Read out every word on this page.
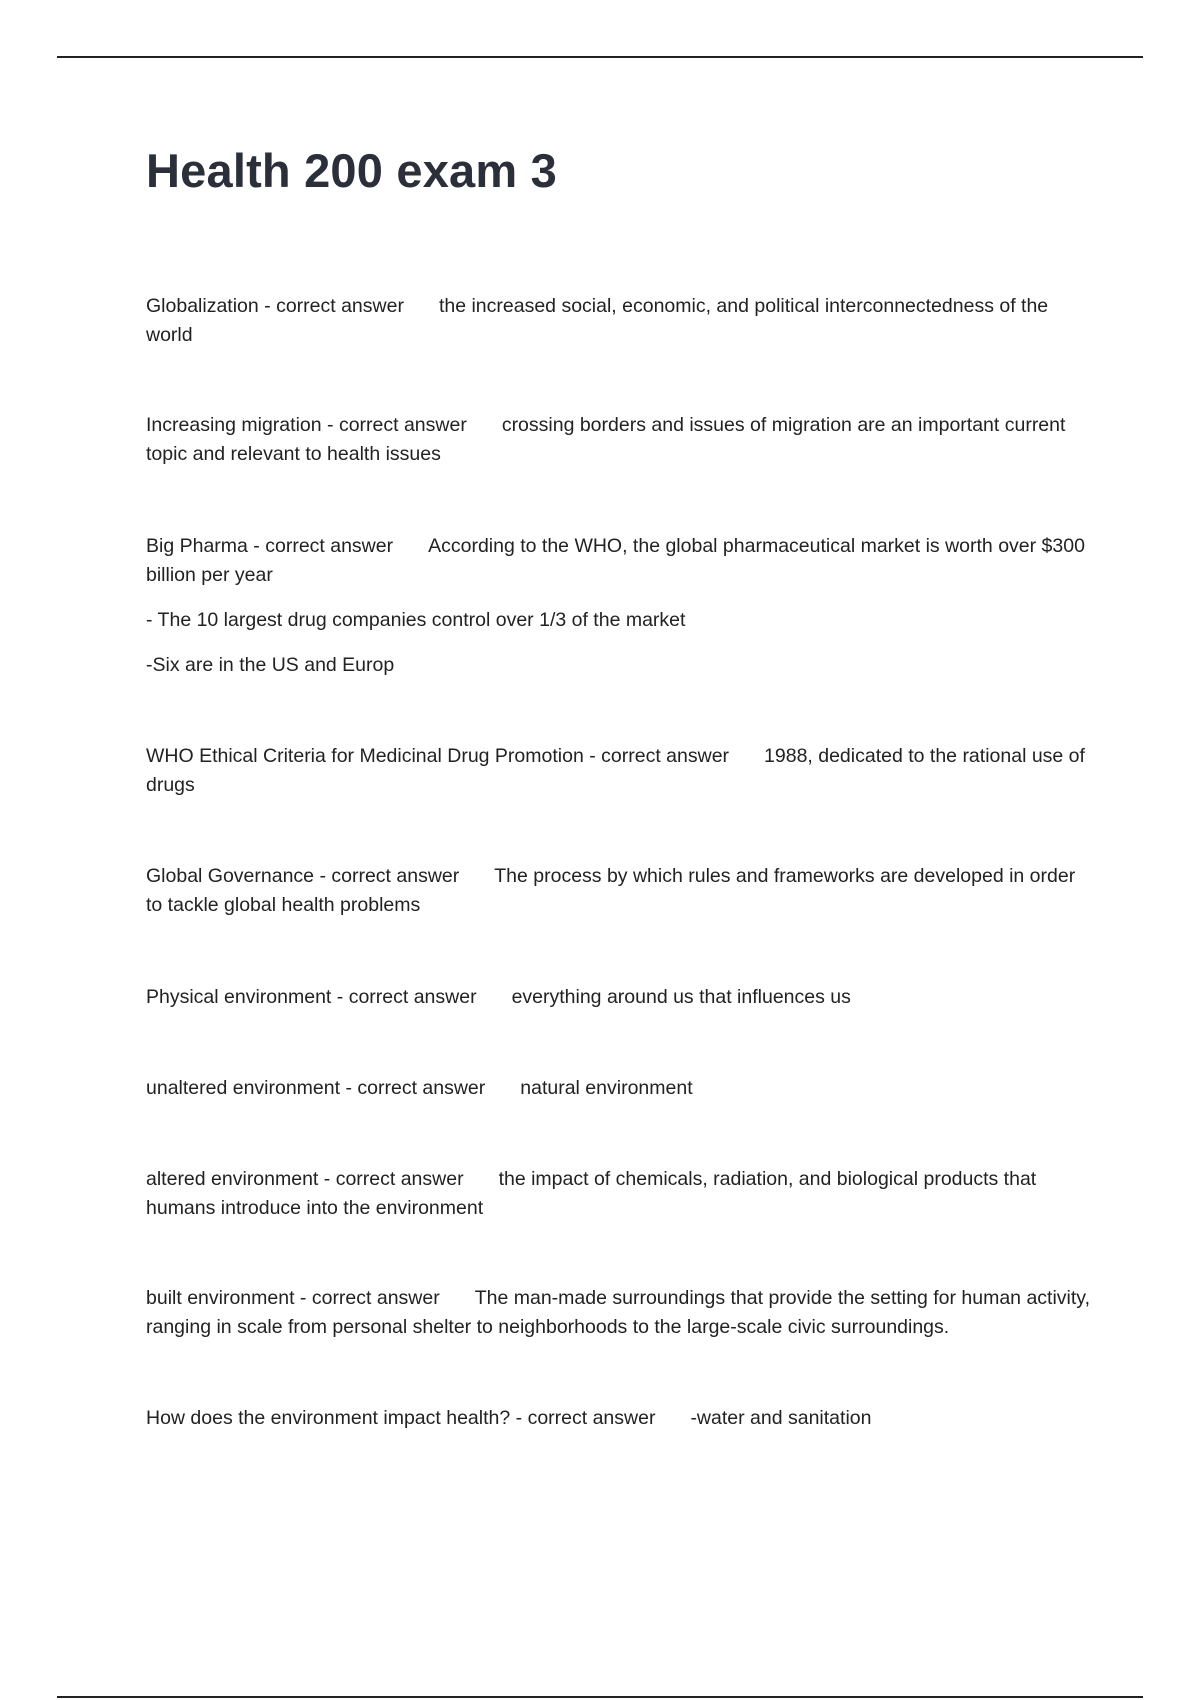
Health 200 exam 3

Globalization - correct answer the increased social, economic, and political interconnectedness of the world

Increasing migration - correct answer crossing borders and issues of migration are an important current topic and relevant to health issues

Big Pharma - correct answer According to the WHO, the global pharmaceutical market is worth over $300 billion per year

- The 10 largest drug companies control over 1/3 of the market

-Six are in the US and Europ

WHO Ethical Criteria for Medicinal Drug Promotion - correct answer 1988, dedicated to the rational use of drugs

Global Governance - correct answer The process by which rules and frameworks are developed in order to tackle global health problems

Physical environment - correct answer everything around us that influences us

unaltered environment - correct answer natural environment

altered environment - correct answer the impact of chemicals, radiation, and biological products that humans introduce into the environment

built environment - correct answer The man-made surroundings that provide the setting for human activity, ranging in scale from personal shelter to neighborhoods to the large-scale civic surroundings.

How does the environment impact health? - correct answer -water and sanitation
